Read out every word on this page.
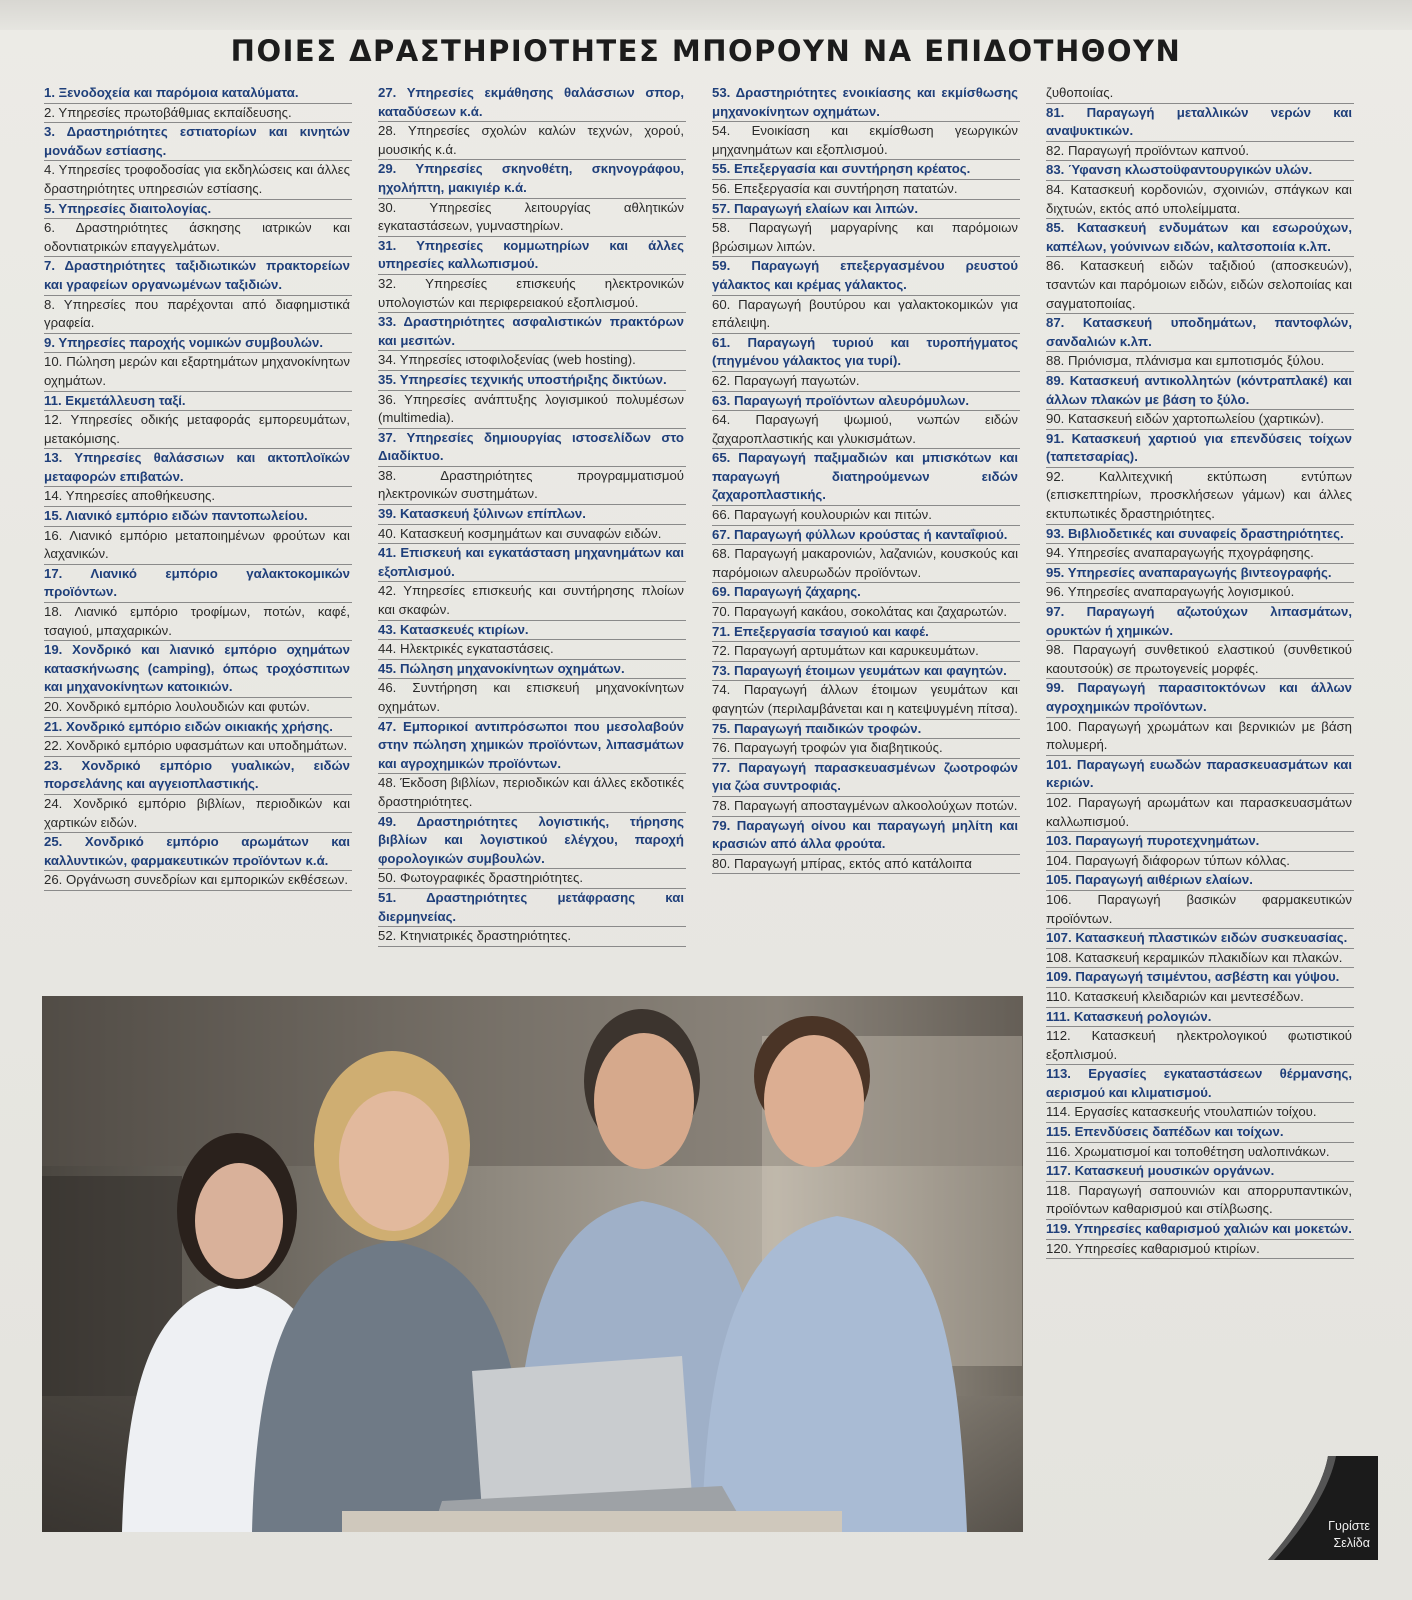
ΠΟΙΕΣ ΔΡΑΣΤΗΡΙΟΤΗΤΕΣ ΜΠΟΡΟΥΝ ΝΑ ΕΠΙΔΟΤΗΘΟΥΝ
1. Ξενοδοχεία και παρόμοια καταλύματα.
2. Υπηρεσίες πρωτοβάθμιας εκπαίδευσης.
3. Δραστηριότητες εστιατορίων και κινητών μονάδων εστίασης.
4. Υπηρεσίες τροφοδοσίας για εκδηλώσεις και άλλες δραστηριότητες υπηρεσιών εστίασης.
5. Υπηρεσίες διαιτολογίας.
6. Δραστηριότητες άσκησης ιατρικών και οδοντιατρικών επαγγελμάτων.
7. Δραστηριότητες ταξιδιωτικών πρακτορείων και γραφείων οργανωμένων ταξιδιών.
8. Υπηρεσίες που παρέχονται από διαφημιστικά γραφεία.
9. Υπηρεσίες παροχής νομικών συμβουλών.
10. Πώληση μερών και εξαρτημάτων μηχανοκίνητων οχημάτων.
11. Εκμετάλλευση ταξί.
12. Υπηρεσίες οδικής μεταφοράς εμπορευμάτων, μετακόμισης.
13. Υπηρεσίες θαλάσσιων και ακτοπλοϊκών μεταφορών επιβατών.
14. Υπηρεσίες αποθήκευσης.
15. Λιανικό εμπόριο ειδών παντοπωλείου.
16. Λιανικό εμπόριο μεταποιημένων φρούτων και λαχανικών.
17. Λιανικό εμπόριο γαλακτοκομικών προϊόντων.
18. Λιανικό εμπόριο τροφίμων, ποτών, καφέ, τσαγιού, μπαχαρικών.
19. Χονδρικό και λιανικό εμπόριο οχημάτων κατασκήνωσης (camping), όπως τροχόσπιτων και μηχανοκίνητων κατοικιών.
20. Χονδρικό εμπόριο λουλουδιών και φυτών.
21. Χονδρικό εμπόριο ειδών οικιακής χρήσης.
22. Χονδρικό εμπόριο υφασμάτων και υποδημάτων.
23. Χονδρικό εμπόριο γυαλικών, ειδών πορσελάνης και αγγειοπλαστικής.
24. Χονδρικό εμπόριο βιβλίων, περιοδικών και χαρτικών ειδών.
25. Χονδρικό εμπόριο αρωμάτων και καλλυντικών, φαρμακευτικών προϊόντων κ.ά.
26. Οργάνωση συνεδρίων και εμπορικών εκθέσεων.
27. Υπηρεσίες εκμάθησης θαλάσσιων σπορ, καταδύσεων κ.ά.
28. Υπηρεσίες σχολών καλών τεχνών, χορού, μουσικής κ.ά.
29. Υπηρεσίες σκηνοθέτη, σκηνογράφου, ηχολήπτη, μακιγιέρ κ.ά.
30. Υπηρεσίες λειτουργίας αθλητικών εγκαταστάσεων, γυμναστηρίων.
31. Υπηρεσίες κομμωτηρίων και άλλες υπηρεσίες καλλωπισμού.
32. Υπηρεσίες επισκευής ηλεκτρονικών υπολογιστών και περιφερειακού εξοπλισμού.
33. Δραστηριότητες ασφαλιστικών πρακτόρων και μεσιτών.
34. Υπηρεσίες ιστοφιλοξενίας (web hosting).
35. Υπηρεσίες τεχνικής υποστήριξης δικτύων.
36. Υπηρεσίες ανάπτυξης λογισμικού πολυμέσων (multimedia).
37. Υπηρεσίες δημιουργίας ιστοσελίδων στο Διαδίκτυο.
38. Δραστηριότητες προγραμματισμού ηλεκτρονικών συστημάτων.
39. Κατασκευή ξύλινων επίπλων.
40. Κατασκευή κοσμημάτων και συναφών ειδών.
41. Επισκευή και εγκατάσταση μηχανημάτων και εξοπλισμού.
42. Υπηρεσίες επισκευής και συντήρησης πλοίων και σκαφών.
43. Κατασκευές κτιρίων.
44. Ηλεκτρικές εγκαταστάσεις.
45. Πώληση μηχανοκίνητων οχημάτων.
46. Συντήρηση και επισκευή μηχανοκίνητων οχημάτων.
47. Εμπορικοί αντιπρόσωποι που μεσολαβούν στην πώληση χημικών προϊόντων, λιπασμάτων και αγροχημικών προϊόντων.
48. Έκδοση βιβλίων, περιοδικών και άλλες εκδοτικές δραστηριότητες.
49. Δραστηριότητες λογιστικής, τήρησης βιβλίων και λογιστικού ελέγχου, παροχή φορολογικών συμβουλών.
50. Φωτογραφικές δραστηριότητες.
51. Δραστηριότητες μετάφρασης και διερμηνείας.
52. Κτηνιατρικές δραστηριότητες.
53. Δραστηριότητες ενοικίασης και εκμίσθωσης μηχανοκίνητων οχημάτων.
54. Ενοικίαση και εκμίσθωση γεωργικών μηχανημάτων και εξοπλισμού.
55. Επεξεργασία και συντήρηση κρέατος.
56. Επεξεργασία και συντήρηση πατατών.
57. Παραγωγή ελαίων και λιπών.
58. Παραγωγή μαργαρίνης και παρόμοιων βρώσιμων λιπών.
59. Παραγωγή επεξεργασμένου ρευστού γάλακτος και κρέμας γάλακτος.
60. Παραγωγή βουτύρου και γαλακτοκομικών για επάλειψη.
61. Παραγωγή τυριού και τυροπήγματος (πηγμένου γάλακτος για τυρί).
62. Παραγωγή παγωτών.
63. Παραγωγή προϊόντων αλευρόμυλων.
64. Παραγωγή ψωμιού, νωπών ειδών ζαχαροπλαστικής και γλυκισμάτων.
65. Παραγωγή παξιμαδιών και μπισκότων και παραγωγή διατηρούμενων ειδών ζαχαροπλαστικής.
66. Παραγωγή κουλουριών και πιτών.
67. Παραγωγή φύλλων κρούστας ή κανταΐφιού.
68. Παραγωγή μακαρονιών, λαζανιών, κουσκούς και παρόμοιων αλευρωδών προϊόντων.
69. Παραγωγή ζάχαρης.
70. Παραγωγή κακάου, σοκολάτας και ζαχαρωτών.
71. Επεξεργασία τσαγιού και καφέ.
72. Παραγωγή αρτυμάτων και καρυκευμάτων.
73. Παραγωγή έτοιμων γευμάτων και φαγητών.
74. Παραγωγή άλλων έτοιμων γευμάτων και φαγητών (περιλαμβάνεται και η κατεψυγμένη πίτσα).
75. Παραγωγή παιδικών τροφών.
76. Παραγωγή τροφών για διαβητικούς.
77. Παραγωγή παρασκευασμένων ζωοτροφών για ζώα συντροφιάς.
78. Παραγωγή αποσταγμένων αλκοολούχων ποτών.
79. Παραγωγή οίνου και παραγωγή μηλίτη και κρασιών από άλλα φρούτα.
80. Παραγωγή μπίρας, εκτός από κατάλοιπα
ζυθοποιίας.
81. Παραγωγή μεταλλικών νερών και αναψυκτικών.
82. Παραγωγή προϊόντων καπνού.
83. Ύφανση κλωστοϋφαντουργικών υλών.
84. Κατασκευή κορδονιών, σχοινιών, σπάγκων και διχτυών, εκτός από υπολείμματα.
85. Κατασκευή ενδυμάτων και εσωρούχων, καπέλων, γούνινων ειδών, καλτσοποιία κ.λπ.
86. Κατασκευή ειδών ταξιδιού (αποσκευών), τσαντών και παρόμοιων ειδών, ειδών σελοποιίας και σαγματοποιίας.
87. Κατασκευή υποδημάτων, παντοφλών, σανδαλιών κ.λπ.
88. Πριόνισμα, πλάνισμα και εμποτισμός ξύλου.
89. Κατασκευή αντικολλητών (κόντραπλακέ) και άλλων πλακών με βάση το ξύλο.
90. Κατασκευή ειδών χαρτοπωλείου (χαρτικών).
91. Κατασκευή χαρτιού για επενδύσεις τοίχων (ταπετσαρίας).
92. Καλλιτεχνική εκτύπωση εντύπων (επισκεπτηρίων, προσκλήσεων γάμων) και άλλες εκτυπωτικές δραστηριότητες.
93. Βιβλιοδετικές και συναφείς δραστηριότητες.
94. Υπηρεσίες αναπαραγωγής πχογράφησης.
95. Υπηρεσίες αναπαραγωγής βιντεογραφής.
96. Υπηρεσίες αναπαραγωγής λογισμικού.
97. Παραγωγή αζωτούχων λιπασμάτων, ορυκτών ή χημικών.
98. Παραγωγή συνθετικού ελαστικού (συνθετικού καουτσούκ) σε πρωτογενείς μορφές.
99. Παραγωγή παρασιτοκτόνων και άλλων αγροχημικών προϊόντων.
100. Παραγωγή χρωμάτων και βερνικιών με βάση πολυμερή.
101. Παραγωγή ευωδών παρασκευασμάτων και κεριών.
102. Παραγωγή αρωμάτων και παρασκευασμάτων καλλωπισμού.
103. Παραγωγή πυροτεχνημάτων.
104. Παραγωγή διάφορων τύπων κόλλας.
105. Παραγωγή αιθέριων ελαίων.
106. Παραγωγή βασικών φαρμακευτικών προϊόντων.
107. Κατασκευή πλαστικών ειδών συσκευασίας.
108. Κατασκευή κεραμικών πλακιδίων και πλακών.
109. Παραγωγή τσιμέντου, ασβέστη και γύψου.
110. Κατασκευή κλειδαριών και μεντεσέδων.
111. Κατασκευή ρολογιών.
112. Κατασκευή ηλεκτρολογικού φωτιστικού εξοπλισμού.
113. Εργασίες εγκαταστάσεων θέρμανσης, αερισμού και κλιματισμού.
114. Εργασίες κατασκευής ντουλαπιών τοίχου.
115. Επενδύσεις δαπέδων και τοίχων.
116. Χρωματισμοί και τοποθέτηση υαλοπινάκων.
117. Κατασκευή μουσικών οργάνων.
118. Παραγωγή σαπουνιών και απορρυπαντικών, προϊόντων καθαρισμού και στίλβωσης.
119. Υπηρεσίες καθαρισμού χαλιών και μοκετών.
120. Υπηρεσίες καθαρισμού κτιρίων.
Γυρίστε
Σελίδα
